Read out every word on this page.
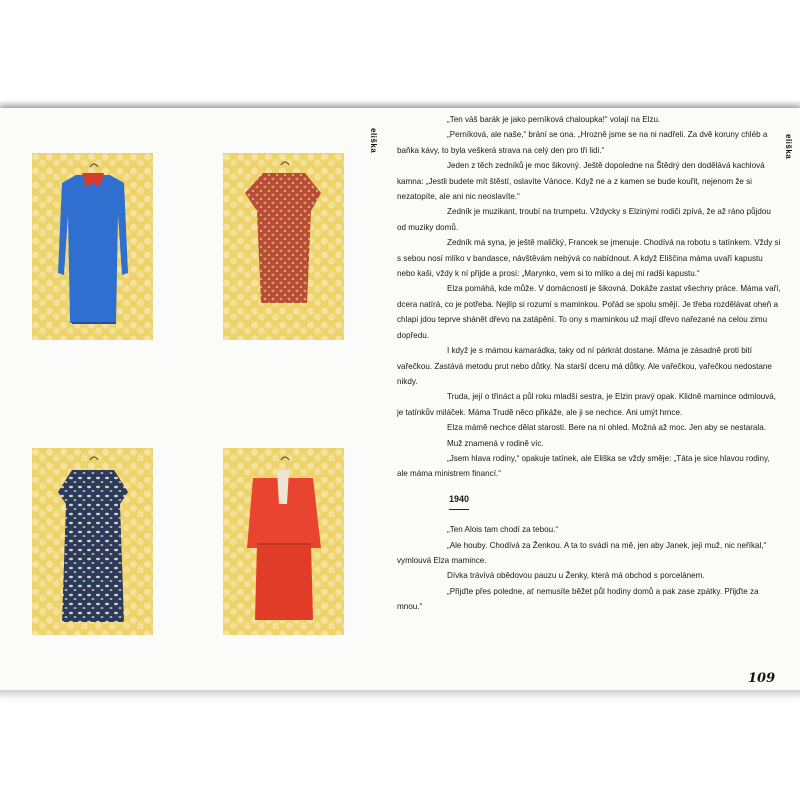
eliška	eliška

„Ten váš barák je jako perníková chaloupka!“ volají na Elzu.

„Perníková, ale naše,“ brání se ona. „Hrozně jsme se na ni nadřeli. Za dvě koruny chléb a baňka kávy, to byla veškerá strava na celý den pro tři lidi.“

Jeden z těch zedníků je moc šikovný. Ještě dopoledne na Štědrý den dodělává kachlová kamna: „Jestli budete mít štěstí, oslavíte Vánoce. Když ne a z kamen se bude kouřit, nejenom že si nezatopíte, ale ani nic neoslavíte.“

Zedník je muzikant, troubí na trumpetu. Vždycky s Elzinými rodiči zpívá, že až ráno půjdou od muziky domů.

Zedník má syna, je ještě maličký, Francek se jmenuje. Chodívá na robotu s tatínkem. Vždy si s sebou nosí mlíko v bandasce, návštěvám nebývá co nabídnout. A když Eliščina máma uvaří kapustu nebo kaši, vždy k ní přijde a prosí: „Marynko, vem si to mlíko a dej mi radši kapustu.“

Elza pomáhá, kde může. V domácnosti je šikovná. Dokáže zastat všechny práce. Máma vaří, dcera natírá, co je potřeba. Nejlíp si rozumí s maminkou. Pořád se spolu smějí. Je třeba rozdělávat oheň a chlapi jdou teprve shánět dřevo na zatápění. To ony s maminkou už mají dřevo nařezané na celou zimu dopředu.

I když je s mámou kamarádka, taky od ní párkrát dostane. Máma je zásadně proti bití vařečkou. Zastává metodu prut nebo důtky. Na starší dceru má důtky. Ale vařečkou, vařečkou nedostane nikdy.

Truda, její o třináct a půl roku mladší sestra, je Elzin pravý opak. Klidně mamince odmlouvá, je tatínkův miláček. Máma Trudě něco přikáže, ale ji se nechce. Ani umýt hrnce.

Elza mámě nechce dělat starosti. Bere na ni ohled. Možná až moc. Jen aby se nestarala.

Muž znamená v rodině víc.

„Jsem hlava rodiny,“ opakuje tatínek, ale Eliška se vždy směje: „Táta je sice hlavou rodiny, ale máma ministrem financí.“

1940

„Ten Alois tam chodí za tebou.“

„Ale houby. Chodívá za Ženkou. A ta to svádí na mě, jen aby Janek, její muž, nic neříkal,“ vymlouvá Elza mamince.

Dívka trávívá obědovou pauzu u Ženky, která má obchod s porcelánem.

„Přijďte přes poledne, ať nemusíte běžet půl hodiny domů a pak zase zpátky. Přijďte za mnou.“

109
